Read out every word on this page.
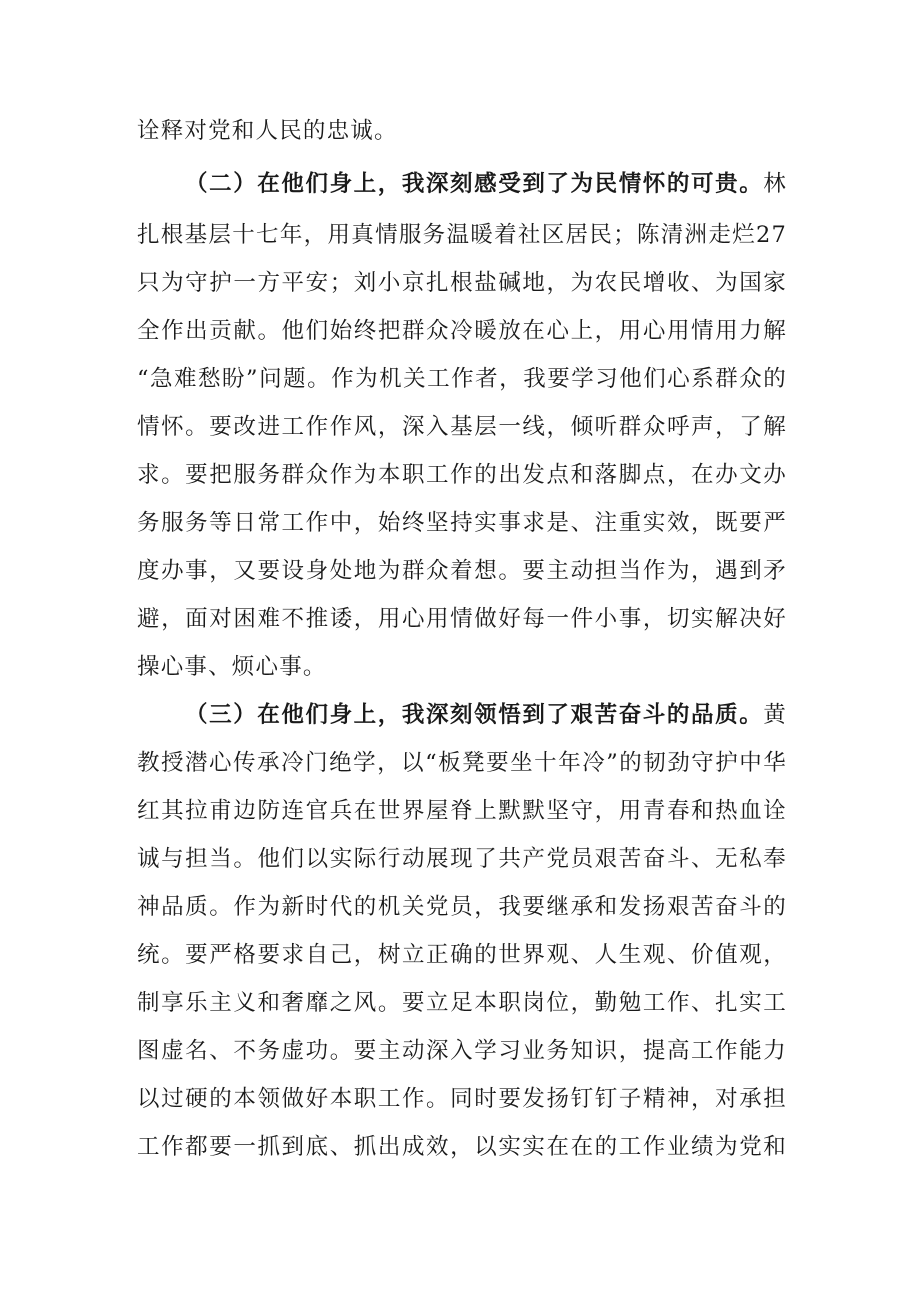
诠释对党和人民的忠诚。
（二）在他们身上，我深刻感受到了为民情怀的可贵。林
扎根基层十七年，用真情服务温暖着社区居民；陈清洲走烂27
只为守护一方平安；刘小京扎根盐碱地，为农民增收、为国家
全作出贡献。他们始终把群众冷暖放在心上，用心用情用力解
“急难愁盼”问题。作为机关工作者，我要学习他们心系群众的
情怀。要改进工作作风，深入基层一线，倾听群众呼声，了解
求。要把服务群众作为本职工作的出发点和落脚点，在办文办
务服务等日常工作中，始终坚持实事求是、注重实效，既要严
度办事，又要设身处地为群众着想。要主动担当作为，遇到矛
避，面对困难不推诿，用心用情做好每一件小事，切实解决好
操心事、烦心事。
（三）在他们身上，我深刻领悟到了艰苦奋斗的品质。黄
教授潜心传承冷门绝学，以“板凳要坐十年冷”的韧劲守护中华
红其拉甫边防连官兵在世界屋脊上默默坚守，用青春和热血诠
诚与担当。他们以实际行动展现了共产党员艰苦奋斗、无私奉
神品质。作为新时代的机关党员，我要继承和发扬艰苦奋斗的
统。要严格要求自己，树立正确的世界观、人生观、价值观，
制享乐主义和奢靡之风。要立足本职岗位，勤勉工作、扎实工
图虚名、不务虚功。要主动深入学习业务知识，提高工作能力
以过硬的本领做好本职工作。同时要发扬钉钉子精神，对承担
工作都要一抓到底、抓出成效，以实实在在的工作业绩为党和
